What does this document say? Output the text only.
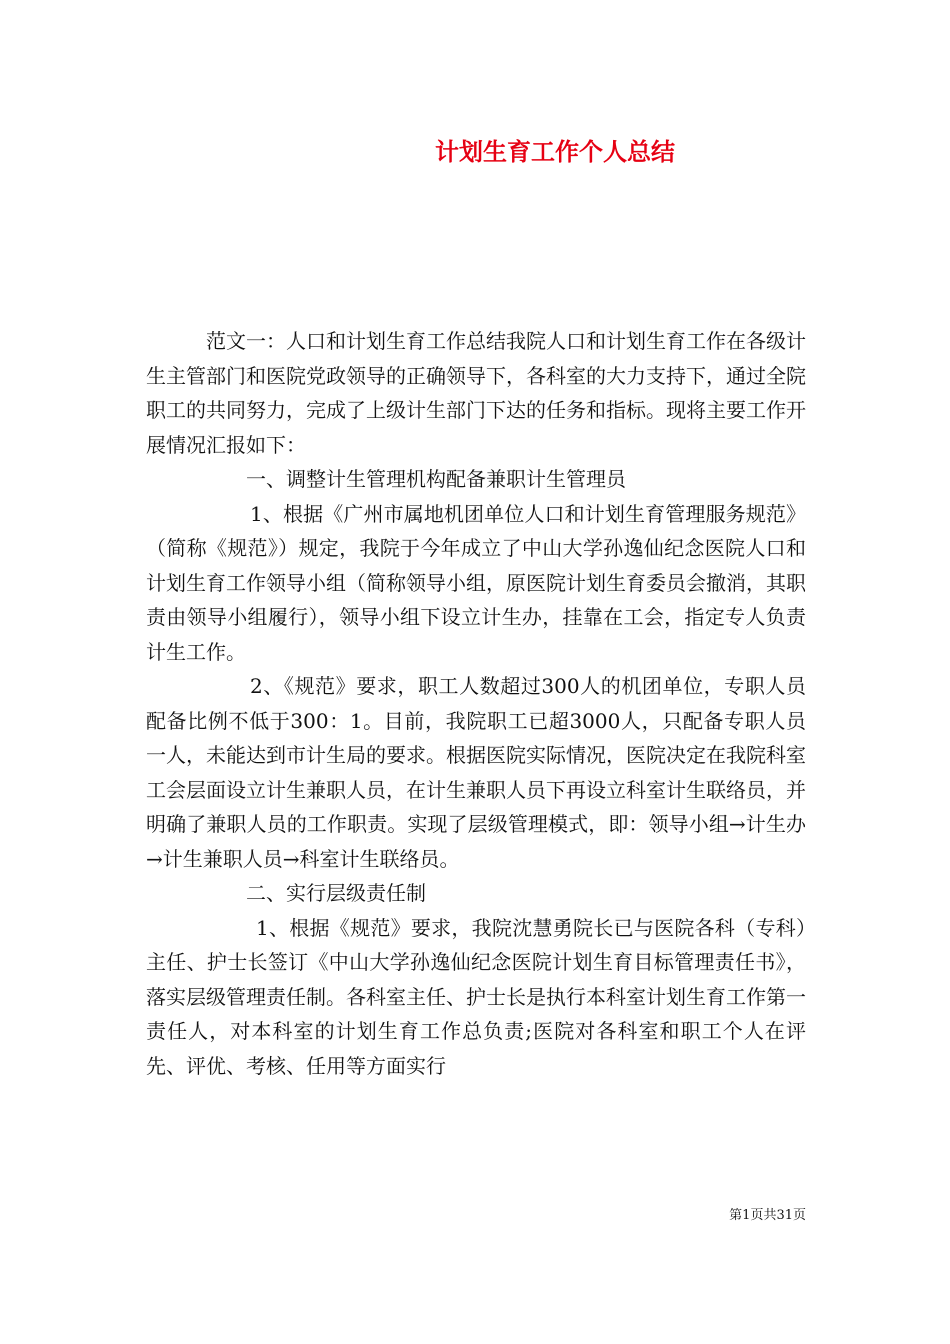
计划生育工作个人总结

范文一：人口和计划生育工作总结我院人口和计划生育工作在各级计生主管部门和医院党政领导的正确领导下，各科室的大力支持下，通过全院职工的共同努力，完成了上级计生部门下达的任务和指标。现将主要工作开展情况汇报如下：

一、调整计生管理机构配备兼职计生管理员

1、根据《广州市属地机团单位人口和计划生育管理服务规范》（简称《规范》）规定，我院于今年成立了中山大学孙逸仙纪念医院人口和计划生育工作领导小组（简称领导小组，原医院计划生育委员会撤消，其职责由领导小组履行），领导小组下设立计生办，挂靠在工会，指定专人负责计生工作。

2、《规范》要求，职工人数超过300人的机团单位，专职人员配备比例不低于300：1。目前，我院职工已超3000人，只配备专职人员一人，未能达到市计生局的要求。根据医院实际情况，医院决定在我院科室工会层面设立计生兼职人员，在计生兼职人员下再设立科室计生联络员，并明确了兼职人员的工作职责。实现了层级管理模式，即：领导小组→计生办→计生兼职人员→科室计生联络员。

二、实行层级责任制

1、根据《规范》要求，我院沈慧勇院长已与医院各科（专科）主任、护士长签订《中山大学孙逸仙纪念医院计划生育目标管理责任书》，落实层级管理责任制。各科室主任、护士长是执行本科室计划生育工作第一责任人，对本科室的计划生育工作总负责;医院对各科室和职工个人在评先、评优、考核、任用等方面实行

第1页共31页
